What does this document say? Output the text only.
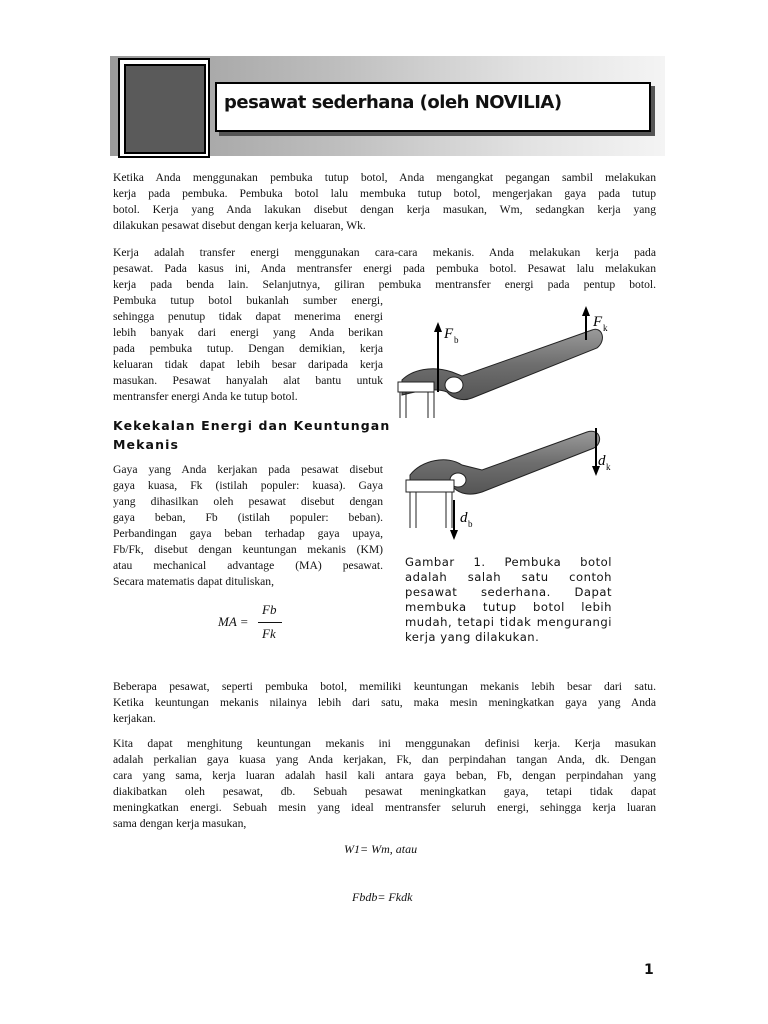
pesawat sederhana (oleh NOVILIA)
Ketika Anda menggunakan pembuka tutup botol, Anda mengangkat pegangan sambil melakukan
kerja pada pembuka. Pembuka botol lalu membuka tutup botol, mengerjakan gaya pada tutup
botol. Kerja yang Anda lakukan disebut dengan kerja masukan, Wm, sedangkan kerja yang
dilakukan pesawat disebut dengan kerja keluaran, Wk.
Kerja adalah transfer energi menggunakan cara-cara mekanis. Anda melakukan kerja pada
pesawat. Pada kasus ini, Anda mentransfer energi pada pembuka botol. Pesawat lalu melakukan
kerja pada benda lain. Selanjutnya, giliran pembuka mentransfer energi pada pentup botol.
Pembuka tutup botol bukanlah sumber energi,
sehingga penutup tidak dapat menerima energi
lebih banyak dari energi yang Anda berikan
pada pembuka tutup. Dengan demikian, kerja
keluaran tidak dapat lebih besar daripada kerja
masukan. Pesawat hanyalah alat bantu untuk
mentransfer energi Anda ke tutup botol.
Kekekalan Energi dan Keuntungan
Mekanis
Gaya yang Anda kerjakan pada pesawat disebut
gaya kuasa, Fk (istilah populer: kuasa). Gaya
yang dihasilkan oleh pesawat disebut dengan
gaya beban, Fb (istilah populer: beban).
Perbandingan gaya beban terhadap gaya upaya,
Fb/Fk, disebut dengan keuntungan mekanis (KM)
atau mechanical advantage (MA) pesawat.
Secara matematis dapat dituliskan,
MA =
Fb
Fk
F b
F k
d k
d b
Gambar 1. Pembuka botol
adalah salah satu contoh
pesawat sederhana. Dapat
membuka tutup botol lebih
mudah, tetapi tidak mengurangi
kerja yang dilakukan.
Beberapa pesawat, seperti pembuka botol, memiliki keuntungan mekanis lebih besar dari satu.
Ketika keuntungan mekanis nilainya lebih dari satu, maka mesin meningkatkan gaya yang Anda
kerjakan.
Kita dapat menghitung keuntungan mekanis ini menggunakan definisi kerja. Kerja masukan
adalah perkalian gaya kuasa yang Anda kerjakan, Fk, dan perpindahan tangan Anda, dk. Dengan
cara yang sama, kerja luaran adalah hasil kali antara gaya beban, Fb, dengan perpindahan yang
diakibatkan oleh pesawat, db. Sebuah pesawat meningkatkan gaya, tetapi tidak dapat
meningkatkan energi. Sebuah mesin yang ideal mentransfer seluruh energi, sehingga kerja luaran
sama dengan kerja masukan,
W1= Wm, atau
Fbdb= Fkdk
1
